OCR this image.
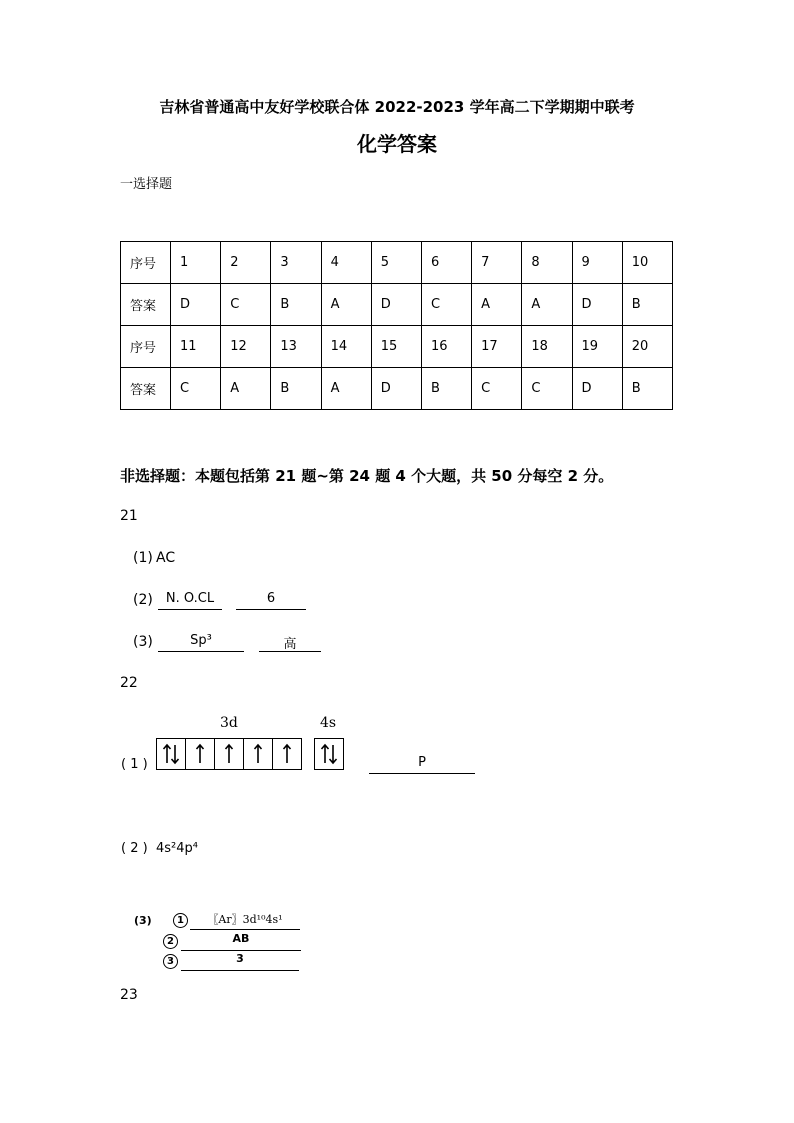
吉林省普通高中友好学校联合体 2022-2023 学年高二下学期期中联考
化学答案
一选择题
序号	1	2	3	4	5	6	7	8	9	10
答案	D	C	B	A	D	C	A	A	D	B
序号	11	12	13	14	15	16	17	18	19	20
答案	C	A	B	A	D	B	C	C	D	B
非选择题：本题包括第 21 题~第 24 题 4 个大题，共 50 分每空 2 分。
21
(1) AC
(2)	N. O.CL	6
(3)	Sp³	高
22
3d	4s
( 1 )	P
( 2 ) 4s²4p⁴
(3)	1	〖Ar〗3d¹⁰4s¹
2	AB
3	3
23
